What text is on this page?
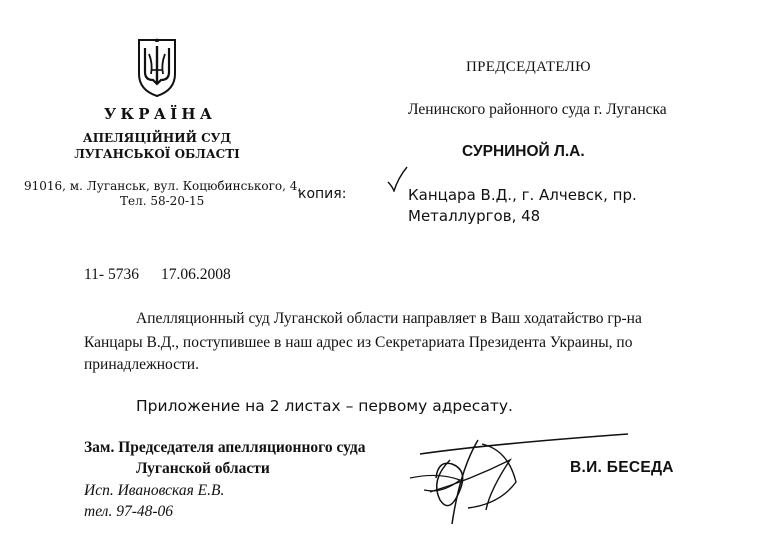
УКРАЇНА
АПЕЛЯЦІЙНИЙ СУД
ЛУГАНСЬКОЇ ОБЛАСТІ
91016, м. Луганськ, вул. Коцюбинського, 4,
Тел. 58-20-15
ПРЕДСЕДАТЕЛЮ
Ленинского районного суда г. Луганска
СУРНИНОЙ Л.А.
копия:	Канцара В.Д., г. Алчевск, пр.
Металлургов, 48
11- 5736 17.06.2008
Апелляционный суд Луганской области направляет в Ваш ходатайство гр-на
Канцары В.Д., поступившее в наш адрес из Секретариата Президента Украины, по
принадлежности.
Приложение на 2 листах – первому адресату.
Зам. Председателя апелляционного суда
Луганской области	В.И. БЕСЕДА
Исп. Ивановская Е.В.
тел. 97-48-06
